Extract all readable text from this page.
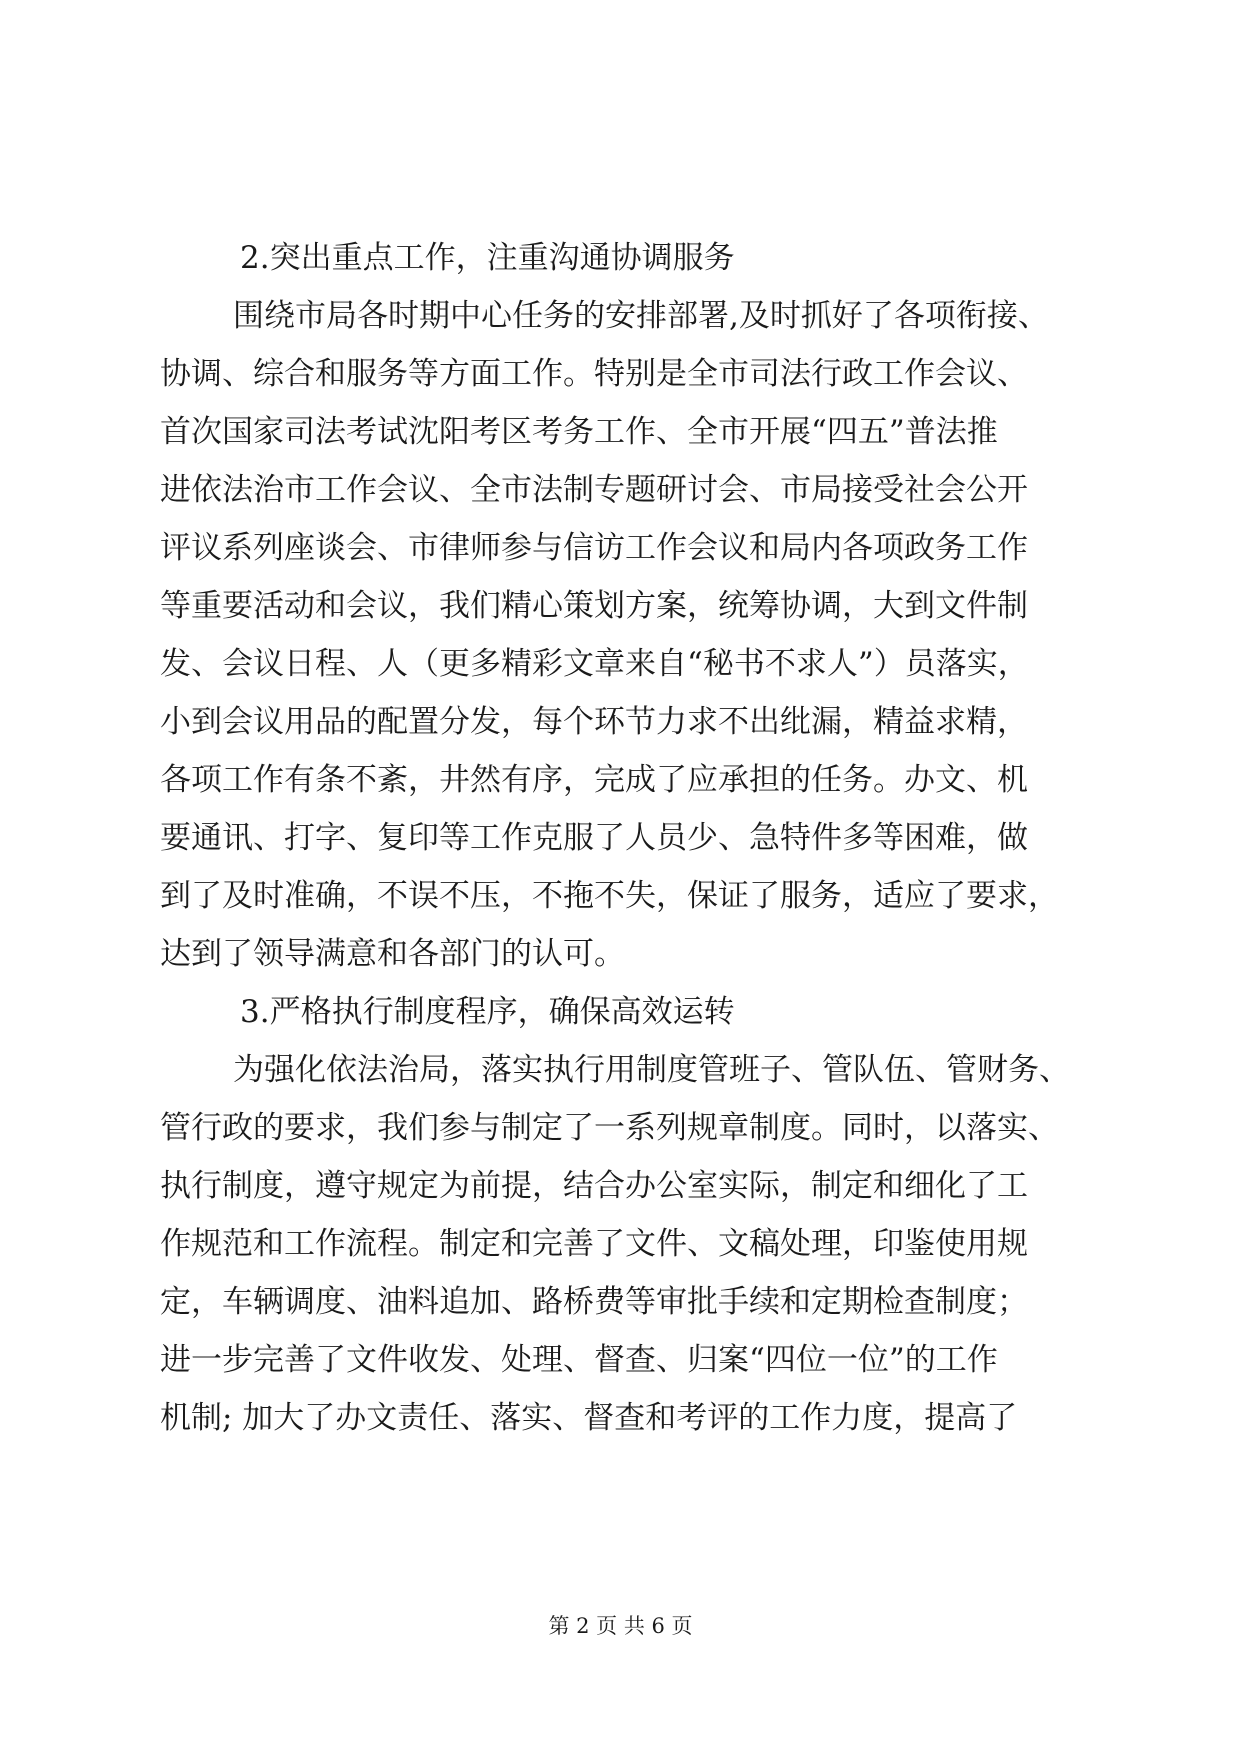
2.突出重点工作，注重沟通协调服务
围绕市局各时期中心任务的安排部署,及时抓好了各项衔接、
协调、综合和服务等方面工作。特别是全市司法行政工作会议、
首次国家司法考试沈阳考区考务工作、全市开展“四五”普法推
进依法治市工作会议、全市法制专题研讨会、市局接受社会公开
评议系列座谈会、市律师参与信访工作会议和局内各项政务工作
等重要活动和会议，我们精心策划方案，统筹协调，大到文件制
发、会议日程、人（更多精彩文章来自“秘书不求人”）员落实，
小到会议用品的配置分发，每个环节力求不出纰漏，精益求精，
各项工作有条不紊，井然有序，完成了应承担的任务。办文、机
要通讯、打字、复印等工作克服了人员少、急特件多等困难，做
到了及时准确，不误不压，不拖不失，保证了服务，适应了要求，
达到了领导满意和各部门的认可。
3.严格执行制度程序，确保高效运转
为强化依法治局，落实执行用制度管班子、管队伍、管财务、
管行政的要求，我们参与制定了一系列规章制度。同时，以落实、
执行制度，遵守规定为前提，结合办公室实际，制定和细化了工
作规范和工作流程。制定和完善了文件、文稿处理，印鉴使用规
定，车辆调度、油料追加、路桥费等审批手续和定期检查制度；
进一步完善了文件收发、处理、督查、归案“四位一位”的工作
机制; 加大了办文责任、落实、督查和考评的工作力度，提高了
第 2 页 共 6 页
